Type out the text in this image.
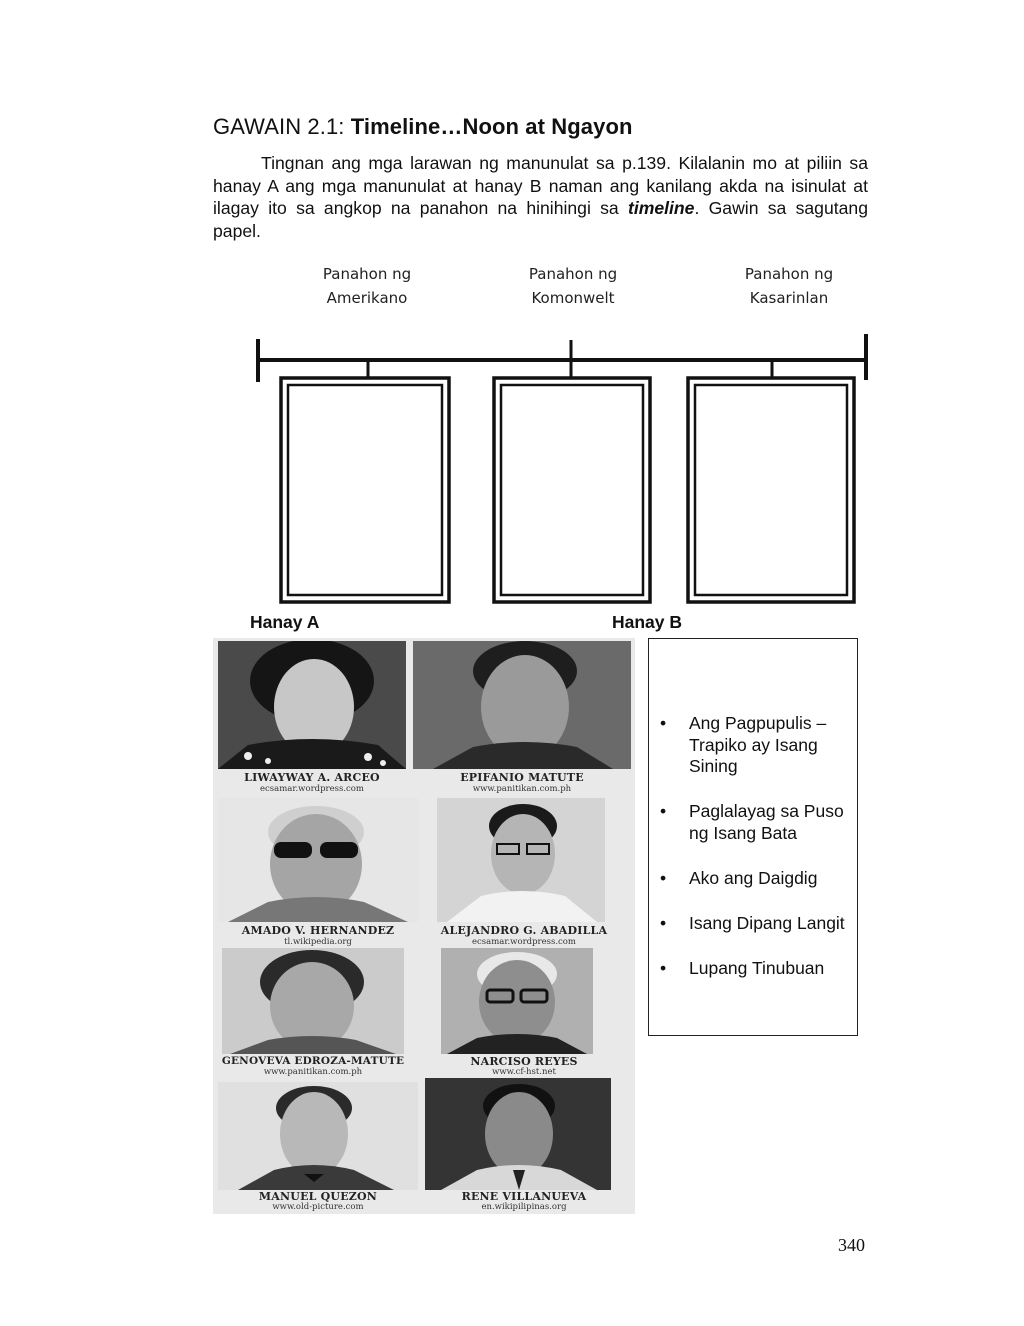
GAWAIN 2.1: Timeline…Noon at Ngayon
Tingnan ang mga larawan ng manunulat sa p.139. Kilalanin mo at piliin sa hanay A ang mga manunulat at hanay B naman ang kanilang akda na isinulat at ilagay ito sa angkop na panahon na hinihingi sa timeline. Gawin sa sagutang papel.
Panahon ng
Amerikano
Panahon ng
Komonwelt
Panahon ng
Kasarinlan
Hanay A	Hanay B
LIWAYWAY A. ARCEO
ecsamar.wordpress.com
EPIFANIO MATUTE
www.panitikan.com.ph
AMADO V. HERNANDEZ
tl.wikipedia.org
ALEJANDRO G. ABADILLA
ecsamar.wordpress.com
GENOVEVA EDROZA-MATUTE
www.panitikan.com.ph
NARCISO REYES
www.cf-hst.net
MANUEL QUEZON
www.old-picture.com
RENE VILLANUEVA
en.wikipilipinas.org
• Ang Pagpupulis – Trapiko ay Isang Sining
• Paglalayag sa Puso ng Isang Bata
• Ako ang Daigdig
• Isang Dipang Langit
• Lupang Tinubuan
340
